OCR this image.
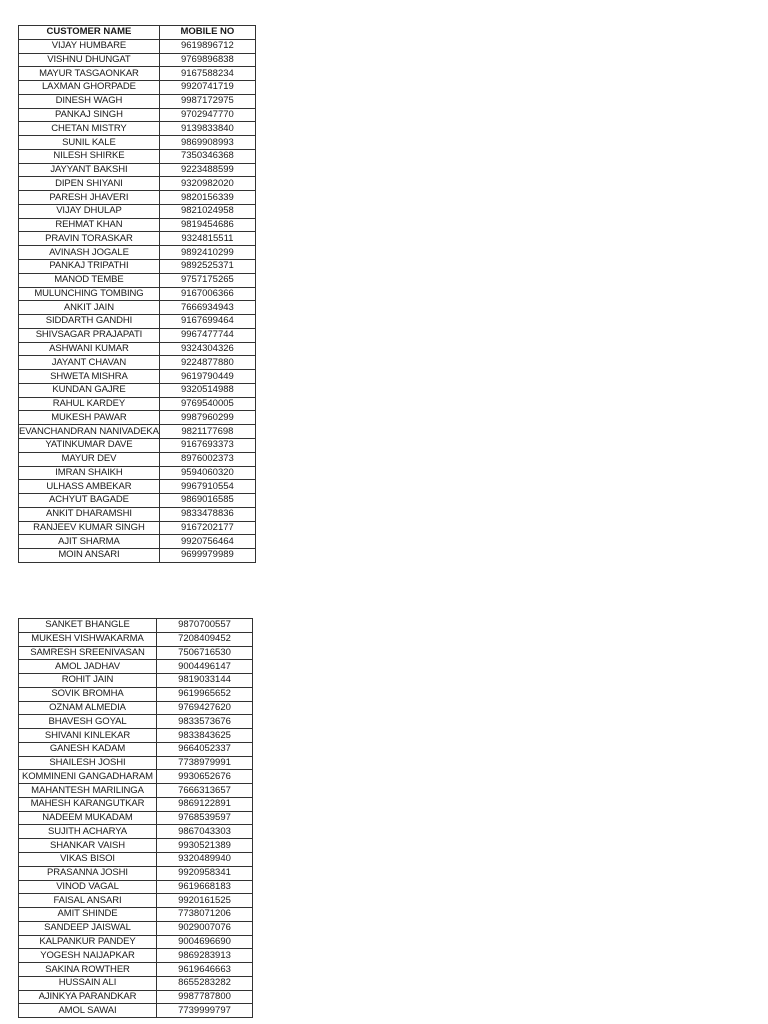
CUSTOMER NAME	MOBILE NO
VIJAY HUMBARE	9619896712
VISHNU DHUNGAT	9769896838
MAYUR TASGAONKAR	9167588234
LAXMAN GHORPADE	9920741719
DINESH WAGH	9987172975
PANKAJ SINGH	9702947770
CHETAN MISTRY	9139833840
SUNIL KALE	9869908993
NILESH SHIRKE	7350346368
JAYYANT BAKSHI	9223488599
DIPEN SHIYANI	9320982020
PARESH JHAVERI	9820156339
VIJAY DHULAP	9821024958
REHMAT KHAN	9819454686
PRAVIN TORASKAR	9324815511
AVINASH JOGALE	9892410299
PANKAJ TRIPATHI	9892525371
MANOD TEMBE	9757175265
MULUNCHING TOMBING	9167006366
ANKIT JAIN	7666934943
SIDDARTH GANDHI	9167699464
SHIVSAGAR PRAJAPATI	9967477744
ASHWANI KUMAR	9324304326
JAYANT CHAVAN	9224877880
SHWETA MISHRA	9619790449
KUNDAN GAJRE	9320514988
RAHUL KARDEY	9769540005
MUKESH PAWAR	9987960299
EVANCHANDRAN NANIVADEKA	9821177698
YATINKUMAR DAVE	9167693373
MAYUR DEV	8976002373
IMRAN SHAIKH	9594060320
ULHASS AMBEKAR	9967910554
ACHYUT BAGADE	9869016585
ANKIT DHARAMSHI	9833478836
RANJEEV KUMAR SINGH	9167202177
AJIT SHARMA	9920756464
MOIN ANSARI	9699979989
SANKET BHANGLE	9870700557
MUKESH VISHWAKARMA	7208409452
SAMRESH SREENIVASAN	7506716530
AMOL JADHAV	9004496147
ROHIT JAIN	9819033144
SOVIK BROMHA	9619965652
OZNAM ALMEDIA	9769427620
BHAVESH GOYAL	9833573676
SHIVANI KINLEKAR	9833843625
GANESH KADAM	9664052337
SHAILESH JOSHI	7738979991
KOMMINENI GANGADHARAM	9930652676
MAHANTESH MARILINGA	7666313657
MAHESH KARANGUTKAR	9869122891
NADEEM MUKADAM	9768539597
SUJITH ACHARYA	9867043303
SHANKAR VAISH	9930521389
VIKAS BISOI	9320489940
PRASANNA JOSHI	9920958341
VINOD VAGAL	9619668183
FAISAL ANSARI	9920161525
AMIT SHINDE	7738071206
SANDEEP JAISWAL	9029007076
KALPANKUR PANDEY	9004696690
YOGESH NAIJAPKAR	9869283913
SAKINA ROWTHER	9619646663
HUSSAIN ALI	8655283282
AJINKYA PARANDKAR	9987787800
AMOL SAWAI	7739999797
